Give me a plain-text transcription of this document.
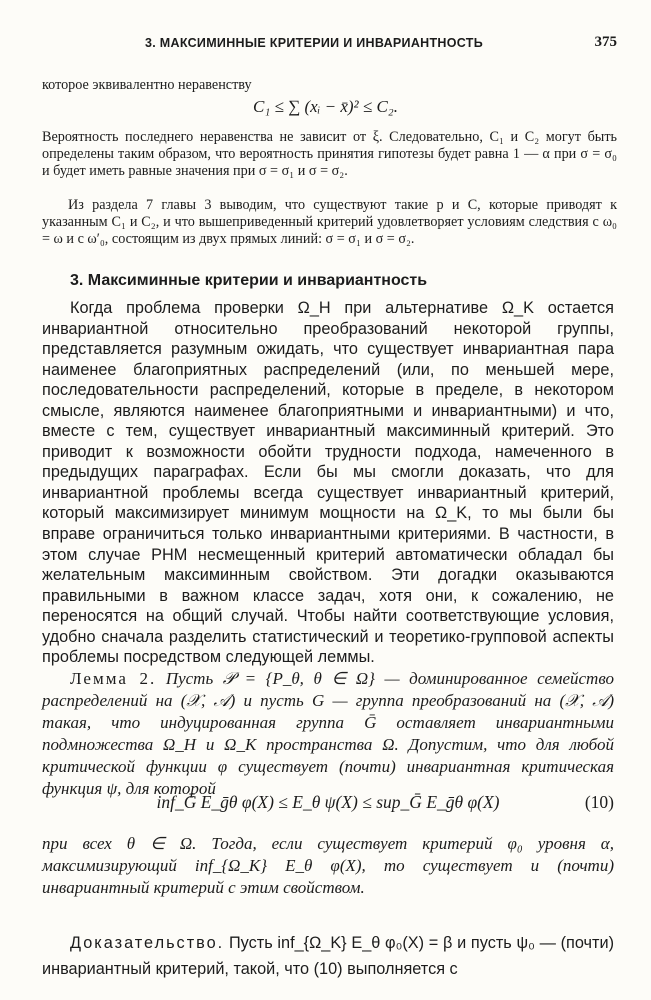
3. МАКСИМИННЫЕ КРИТЕРИИ И ИНВАРИАНТНОСТЬ	375
которое эквивалентно неравенству
C₁ ≤ ∑ (xᵢ − x̄)² ≤ C₂.
Вероятность последнего неравенства не зависит от ξ. Следовательно, C₁ и C₂ могут быть определены таким образом, что вероятность принятия гипотезы будет равна 1 — α при σ = σ₀ и будет иметь равные значения при σ = σ₁ и σ = σ₂.
Из раздела 7 главы 3 выводим, что существуют такие p и C, которые приводят к указанным C₁ и C₂, и что вышеприведенный критерий удовлетворяет условиям следствия с ω₀ = ω и с ω′₀, состоящим из двух прямых линий: σ = σ₁ и σ = σ₂.
3. Максиминные критерии и инвариантность
Когда проблема проверки Ω_H при альтернативе Ω_K остается инвариантной относительно преобразований некоторой группы, представляется разумным ожидать, что существует инвариантная пара наименее благоприятных распределений (или, по меньшей мере, последовательности распределений, которые в пределе, в некотором смысле, являются наименее благоприятными и инвариантными) и что, вместе с тем, существует инвариантный максиминный критерий. Это приводит к возможности обойти трудности подхода, намеченного в предыдущих параграфах. Если бы мы смогли доказать, что для инвариантной проблемы всегда существует инвариантный критерий, который максимизирует минимум мощности на Ω_K, то мы были бы вправе ограничиться только инвариантными критериями. В частности, в этом случае РНМ несмещенный критерий автоматически обладал бы желательным максиминным свойством. Эти догадки оказываются правильными в важном классе задач, хотя они, к сожалению, не переносятся на общий случай. Чтобы найти соответствующие условия, удобно сначала разделить статистический и теоретико-групповой аспекты проблемы посредством следующей леммы.
Лемма 2. Пусть 𝒫 = {P_θ, θ ∈ Ω} — доминированное семейство распределений на (𝒳, 𝒜) и пусть G — группа преобразований на (𝒳, 𝒜) такая, что индуцированная группа Ḡ оставляет инвариантными подмножества Ω_H и Ω_K пространства Ω. Допустим, что для любой критической функции φ существует (почти) инвариантная критическая функция ψ, для которой
inf_Ḡ E_ḡθ φ(X) ≤ E_θ ψ(X) ≤ sup_Ḡ E_ḡθ φ(X)	(10)
при всех θ ∈ Ω. Тогда, если существует критерий φ₀ уровня α, максимизирующий inf_{Ω_K} E_θ φ(X), то существует и (почти) инвариантный критерий с этим свойством.
Доказательство. Пусть inf_{Ω_K} E_θ φ₀(X) = β и пусть ψ₀ — (почти) инвариантный критерий, такой, что (10) выполняется с
